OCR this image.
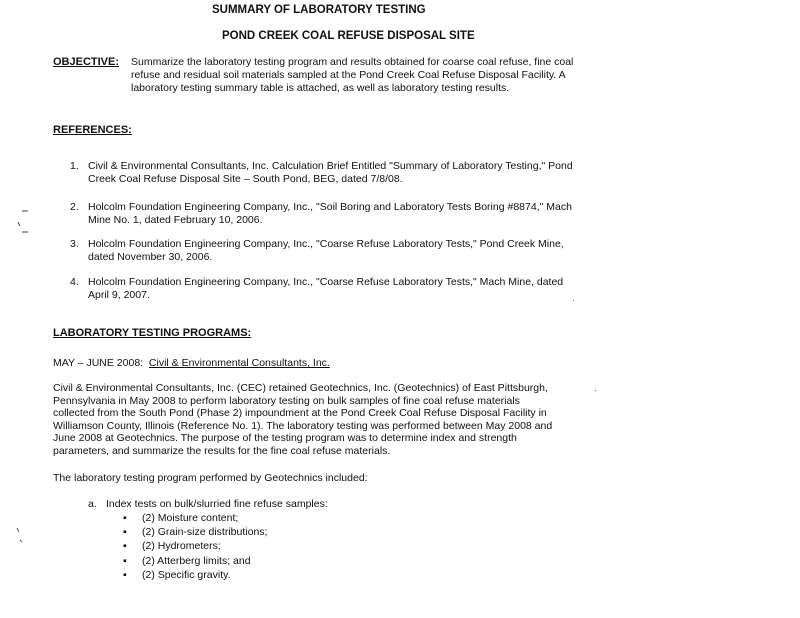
SUMMARY OF LABORATORY TESTING
POND CREEK COAL REFUSE DISPOSAL SITE
OBJECTIVE: Summarize the laboratory testing program and results obtained for coarse coal refuse, fine coal refuse and residual soil materials sampled at the Pond Creek Coal Refuse Disposal Facility. A laboratory testing summary table is attached, as well as laboratory testing results.
REFERENCES:
1. Civil & Environmental Consultants, Inc. Calculation Brief Entitled "Summary of Laboratory Testing," Pond Creek Coal Refuse Disposal Site – South Pond, BEG, dated 7/8/08.
2. Holcolm Foundation Engineering Company, Inc., "Soil Boring and Laboratory Tests Boring #8874," Mach Mine No. 1, dated February 10, 2006.
3. Holcolm Foundation Engineering Company, Inc., "Coarse Refuse Laboratory Tests," Pond Creek Mine, dated November 30, 2006.
4. Holcolm Foundation Engineering Company, Inc., "Coarse Refuse Laboratory Tests," Mach Mine, dated April 9, 2007.
LABORATORY TESTING PROGRAMS:
MAY – JUNE 2008: Civil & Environmental Consultants, Inc.
Civil & Environmental Consultants, Inc. (CEC) retained Geotechnics, Inc. (Geotechnics) of East Pittsburgh, Pennsylvania in May 2008 to perform laboratory testing on bulk samples of fine coal refuse materials collected from the South Pond (Phase 2) impoundment at the Pond Creek Coal Refuse Disposal Facility in Williamson County, Illinois (Reference No. 1). The laboratory testing was performed between May 2008 and June 2008 at Geotechnics. The purpose of the testing program was to determine index and strength parameters, and summarize the results for the fine coal refuse materials.
The laboratory testing program performed by Geotechnics included:
a. Index tests on bulk/slurried fine refuse samples:
▪ (2) Moisture content;
▪ (2) Grain-size distributions;
▪ (2) Hydrometers;
▪ (2) Atterberg limits; and
▪ (2) Specific gravity.
